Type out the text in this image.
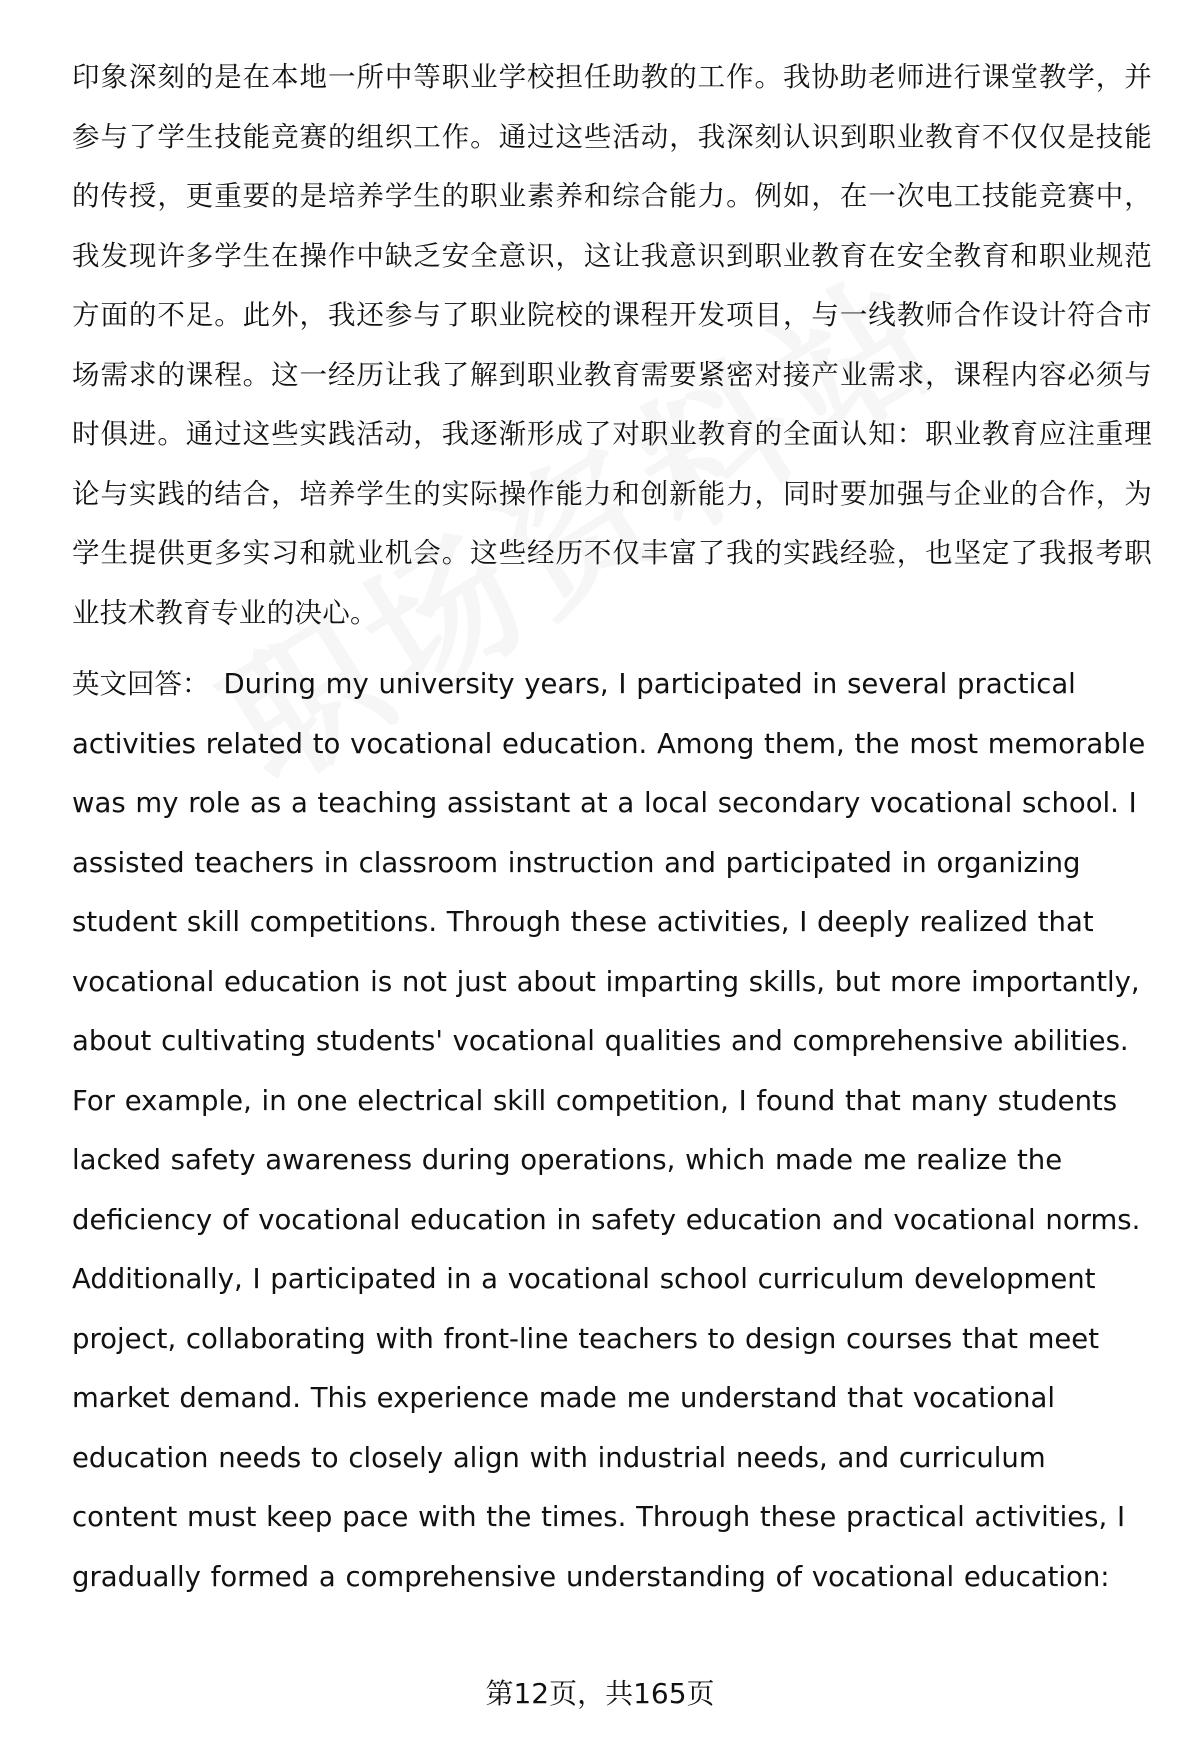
印象深刻的是在本地一所中等职业学校担任助教的工作。我协助老师进行课堂教学，并参与了学生技能竞赛的组织工作。通过这些活动，我深刻认识到职业教育不仅仅是技能的传授，更重要的是培养学生的职业素养和综合能力。例如，在一次电工技能竞赛中，我发现许多学生在操作中缺乏安全意识，这让我意识到职业教育在安全教育和职业规范方面的不足。此外，我还参与了职业院校的课程开发项目，与一线教师合作设计符合市场需求的课程。这一经历让我了解到职业教育需要紧密对接产业需求，课程内容必须与时俱进。通过这些实践活动，我逐渐形成了对职业教育的全面认知：职业教育应注重理论与实践的结合，培养学生的实际操作能力和创新能力，同时要加强与企业的合作，为学生提供更多实习和就业机会。这些经历不仅丰富了我的实践经验，也坚定了我报考职业技术教育专业的决心。

英文回答： During my university years, I participated in several practical activities related to vocational education. Among them, the most memorable was my role as a teaching assistant at a local secondary vocational school. I assisted teachers in classroom instruction and participated in organizing student skill competitions. Through these activities, I deeply realized that vocational education is not just about imparting skills, but more importantly, about cultivating students' vocational qualities and comprehensive abilities. For example, in one electrical skill competition, I found that many students lacked safety awareness during operations, which made me realize the deficiency of vocational education in safety education and vocational norms. Additionally, I participated in a vocational school curriculum development project, collaborating with front-line teachers to design courses that meet market demand. This experience made me understand that vocational education needs to closely align with industrial needs, and curriculum content must keep pace with the times. Through these practical activities, I gradually formed a comprehensive understanding of vocational education:

第12页，共165页
